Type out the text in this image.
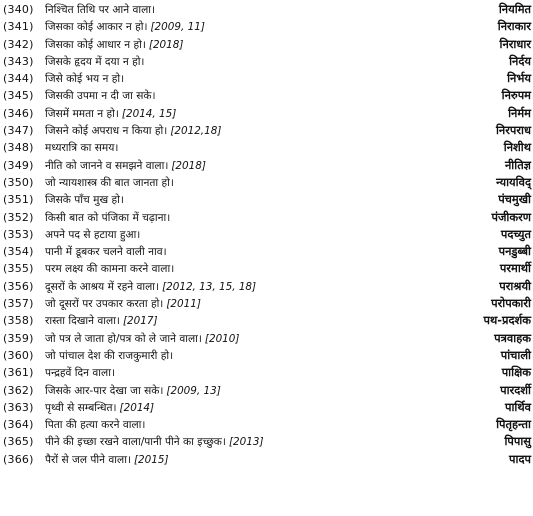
(340) निश्चित तिथि पर आने वाला।	नियमित
(341) जिसका कोई आकार न हो। [2009, 11]	निराकार
(342) जिसका कोई आधार न हो। [2018]	निराधार
(343) जिसके हृदय में दया न हो।	निर्दय
(344) जिसे कोई भय न हो।	निर्भय
(345) जिसकी उपमा न दी जा सके।	निरुपम
(346) जिसमें ममता न हो। [2014, 15]	निर्मम
(347) जिसने कोई अपराध न किया हो। [2012,18]	निरपराध
(348) मध्यरात्रि का समय।	निशीथ
(349) नीति को जानने व समझने वाला। [2018]	नीतिज्ञ
(350) जो न्यायशास्त्र की बात जानता हो।	न्यायविद्
(351) जिसके पाँच मुख हो।	पंचमुखी
(352) किसी बात को पंजिका में चढ़ाना।	पंजीकरण
(353) अपने पद से हटाया हुआ।	पदच्युत
(354) पानी में डूबकर चलने वाली नाव।	पनडुब्बी
(355) परम लक्ष्य की कामना करने वाला।	परमार्थी
(356) दूसरों के आश्रय में रहने वाला। [2012, 13, 15, 18]	पराश्रयी
(357) जो दूसरों पर उपकार करता हो। [2011]	परोपकारी
(358) रास्ता दिखाने वाला। [2017]	पथ-प्रदर्शक
(359) जो पत्र ले जाता हो/पत्र को ले जाने वाला। [2010]	पत्रवाहक
(360) जो पांचाल देश की राजकुमारी हो।	पांचाली
(361) पन्द्रहवें दिन वाला।	पाक्षिक
(362) जिसके आर-पार देखा जा सके। [2009, 13]	पारदर्शी
(363) पृथ्वी से सम्बन्धित। [2014]	पार्थिव
(364) पिता की हत्या करने वाला।	पितृहन्ता
(365) पीने की इच्छा रखने वाला/पानी पीने का इच्छुक। [2013]	पिपासु
(366) पैरों से जल पीने वाला। [2015]	पादप
